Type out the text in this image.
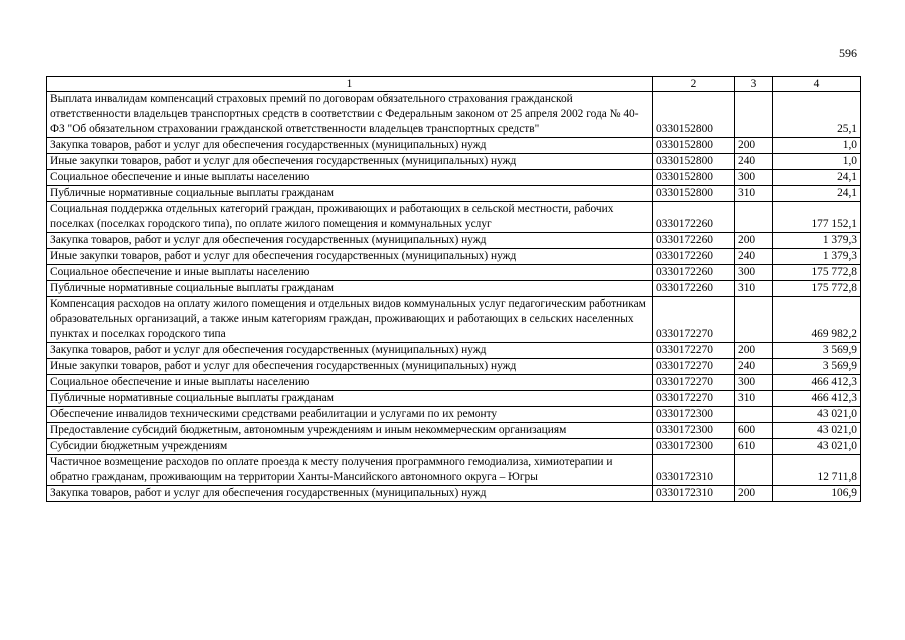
596
1	2	3	4
Выплата инвалидам компенсаций страховых премий по договорам обязательного страхования гражданской ответственности владельцев транспортных средств в соответствии с Федеральным законом от 25 апреля 2002 года № 40-ФЗ "Об обязательном страховании гражданской ответственности владельцев транспортных средств"	0330152800		25,1
Закупка товаров, работ и услуг для обеспечения государственных (муниципальных) нужд	0330152800	200	1,0
Иные закупки товаров, работ и услуг для обеспечения государственных (муниципальных) нужд	0330152800	240	1,0
Социальное обеспечение и иные выплаты населению	0330152800	300	24,1
Публичные нормативные социальные выплаты гражданам	0330152800	310	24,1
Социальная поддержка отдельных категорий граждан, проживающих и работающих в сельской местности, рабочих поселках (поселках городского типа), по оплате жилого помещения и коммунальных услуг	0330172260		177 152,1
Закупка товаров, работ и услуг для обеспечения государственных (муниципальных) нужд	0330172260	200	1 379,3
Иные закупки товаров, работ и услуг для обеспечения государственных (муниципальных) нужд	0330172260	240	1 379,3
Социальное обеспечение и иные выплаты населению	0330172260	300	175 772,8
Публичные нормативные социальные выплаты гражданам	0330172260	310	175 772,8
Компенсация расходов на оплату жилого помещения и отдельных видов коммунальных услуг педагогическим работникам образовательных организаций, а также иным категориям граждан, проживающих и работающих в сельских населенных пунктах и поселках городского типа	0330172270		469 982,2
Закупка товаров, работ и услуг для обеспечения государственных (муниципальных) нужд	0330172270	200	3 569,9
Иные закупки товаров, работ и услуг для обеспечения государственных (муниципальных) нужд	0330172270	240	3 569,9
Социальное обеспечение и иные выплаты населению	0330172270	300	466 412,3
Публичные нормативные социальные выплаты гражданам	0330172270	310	466 412,3
Обеспечение инвалидов техническими средствами реабилитации и услугами по их ремонту	0330172300		43 021,0
Предоставление субсидий бюджетным, автономным учреждениям и иным некоммерческим организациям	0330172300	600	43 021,0
Субсидии бюджетным учреждениям	0330172300	610	43 021,0
Частичное возмещение расходов по оплате проезда к месту получения программного гемодиализа, химиотерапии и обратно гражданам, проживающим на территории Ханты-Мансийского автономного округа – Югры	0330172310		12 711,8
Закупка товаров, работ и услуг для обеспечения государственных (муниципальных) нужд	0330172310	200	106,9
